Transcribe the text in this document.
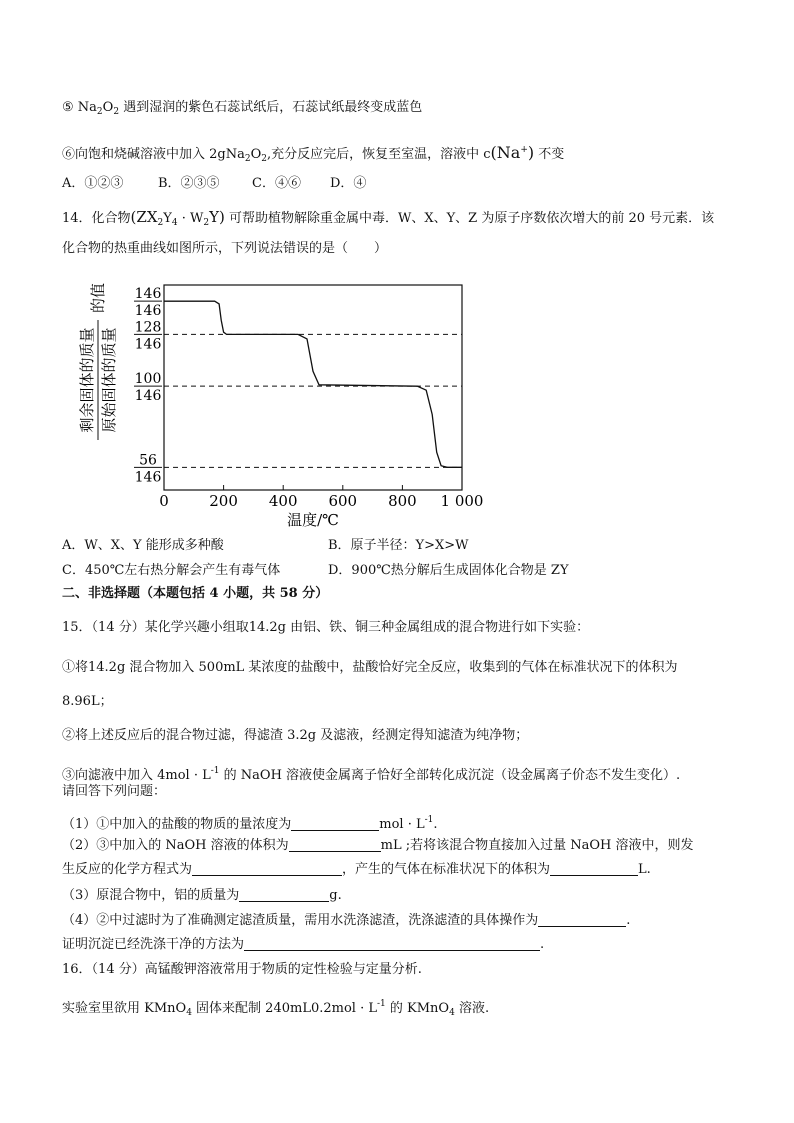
⑤ $Na_2O_2$ 遇到湿润的紫色石蕊试纸后，石蕊试纸最终变成蓝色
⑥向饱和烧碱溶液中加入 $2gNa_2O_2$,充分反应完后，恢复至室温，溶液中 c(Na+) 不变
A．①②③	B．②③⑤ C．④⑥ D．④
14．化合物$(ZX_2Y_4 \cdot W_2Y)$ 可帮助植物解除重金属中毒．W、X、Y、Z 为原子序数依次增大的前 20 号元素．该
化合物的热重曲线如图所示，下列说法错误的是（　　）
剩余固体的质量 原始固体的质量
的值 146
146
128
146
100
146
56
146
0	200 400 600 800 1 000
温度/℃
A．W、X、Y 能形成多种酸	B．原子半径：Y>X>W
C．450℃左右热分解会产生有毒气体	D．900℃热分解后生成固体化合物是 ZY
二、非选择题（本题包括 4 小题，共 58 分）
15．（14 分）某化学兴趣小组取14.2g 由铝、铁、铜三种金属组成的混合物进行如下实验：
①将14.2g 混合物加入 500mL 某浓度的盐酸中，盐酸恰好完全反应，收集到的气体在标准状况下的体积为
8.96L；
②将上述反应后的混合物过滤，得滤渣 3.2g 及滤液，经测定得知滤渣为纯净物；
③向滤液中加入 $4mol \cdot L^{-1}$ 的 NaOH 溶液使金属离子恰好全部转化成沉淀（设金属离子价态不发生变化）.
请回答下列问题：
（1）①中加入的盐酸的物质的量浓度为	mol · $L^{-1}$.
（2）③中加入的 NaOH 溶液的体积为	mL ;若将该混合物直接加入过量 NaOH 溶液中，则发
生反应的化学方程式为	，产生的气体在标准状况下的体积为	L.
（3）原混合物中，铝的质量为	g.
（4）②中过滤时为了准确测定滤渣质量，需用水洗涤滤渣，洗涤滤渣的具体操作为	.
证明沉淀已经洗涤干净的方法为	.
16．（14 分）高锰酸钾溶液常用于物质的定性检验与定量分析.
实验室里欲用 KMnO$_4$ 固体来配制 $240mL0.2mol \cdot L^{-1}$ 的 KMnO$_4$ 溶液.
